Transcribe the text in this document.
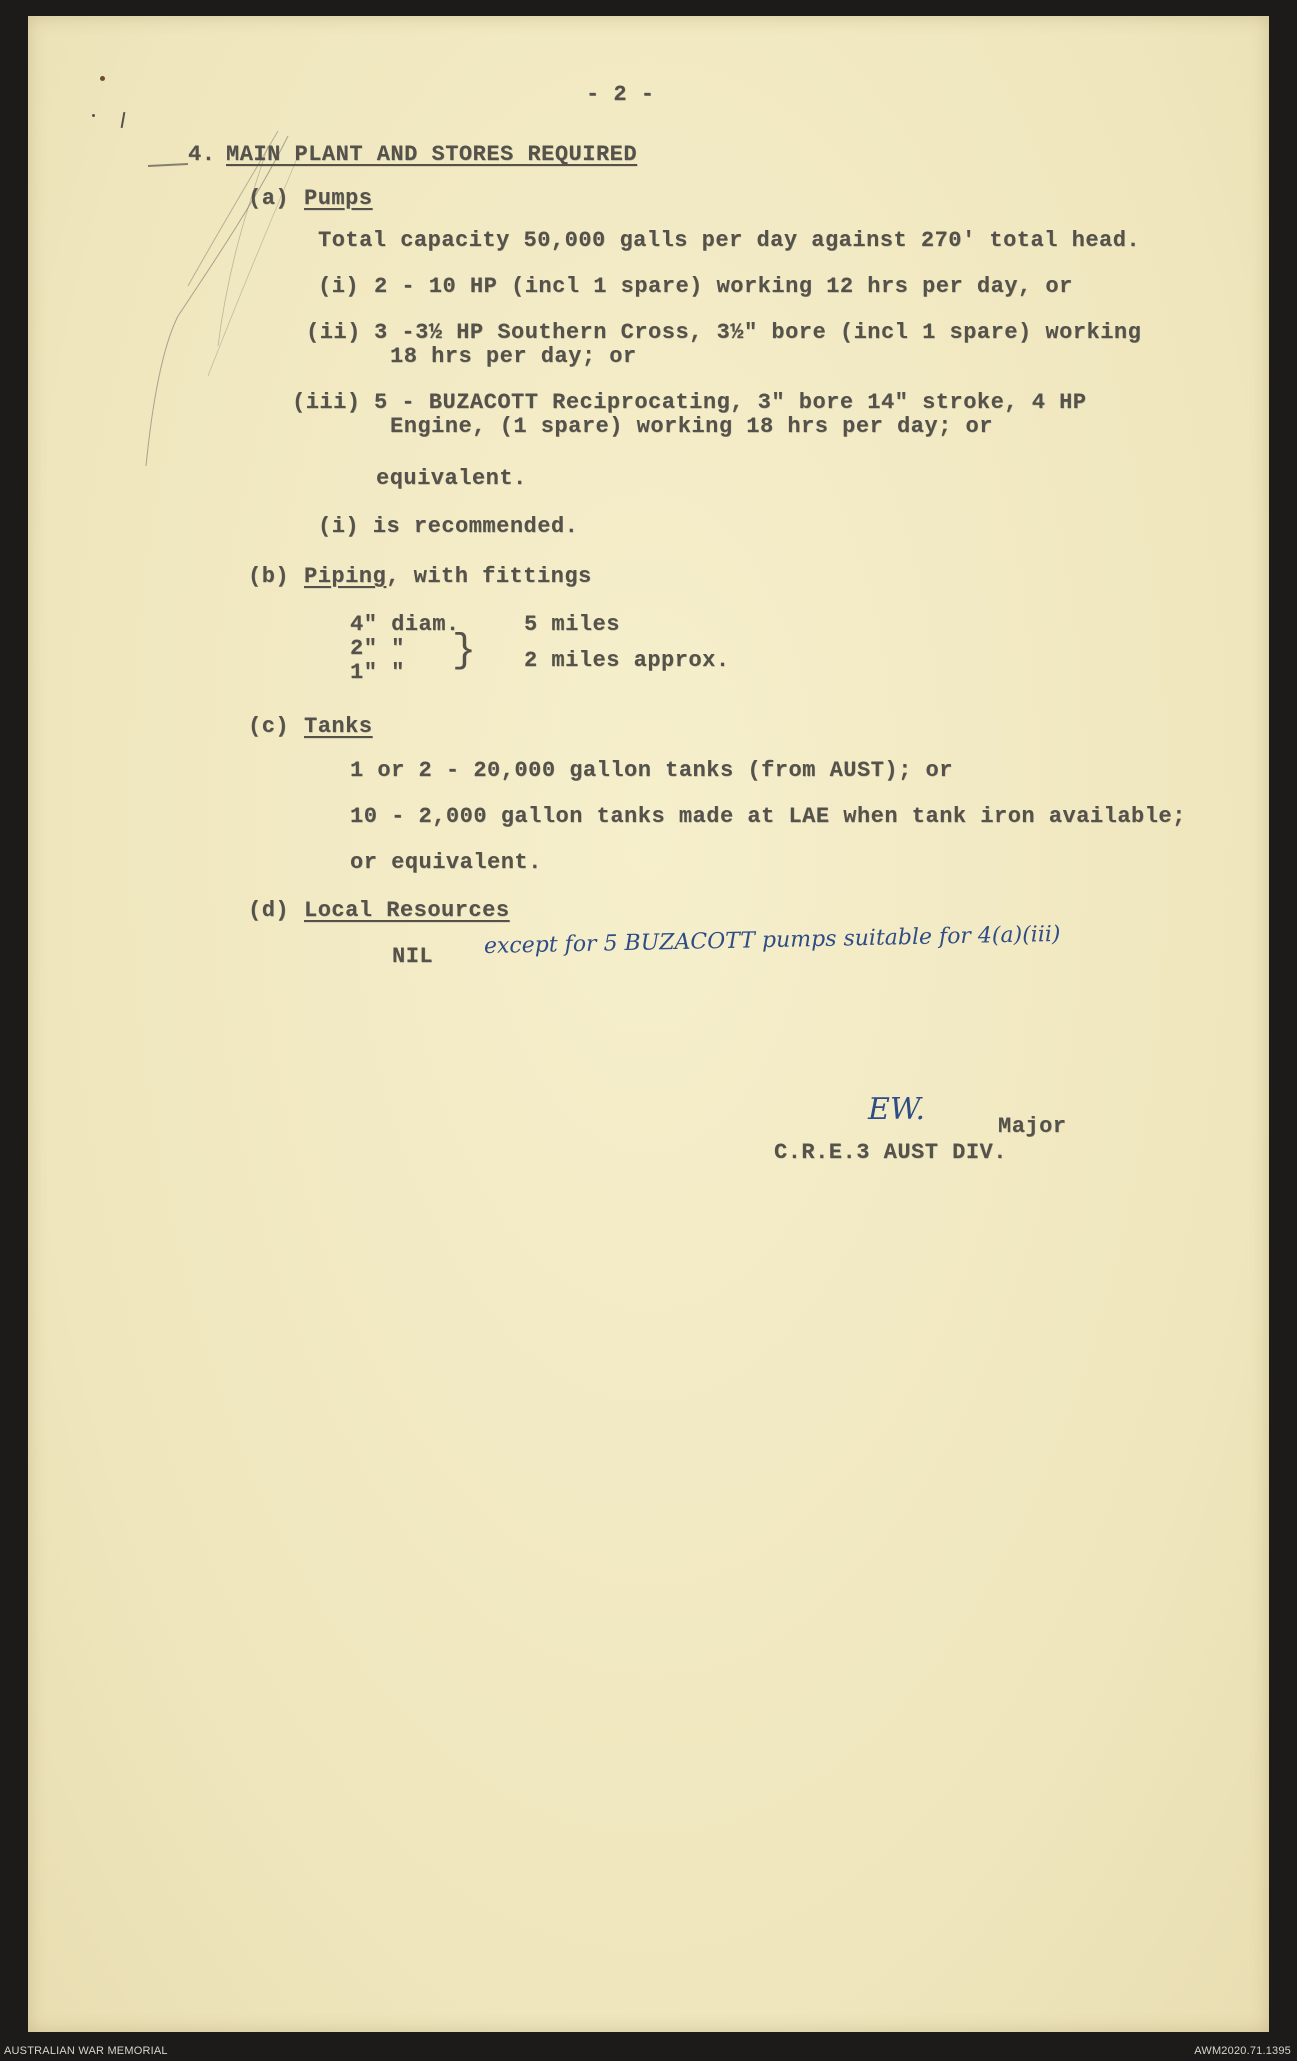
- 2 -
4. MAIN PLANT AND STORES REQUIRED
(a) Pumps
Total capacity 50,000 galls per day against 270' total head.
(i) 2 - 10 HP (incl 1 spare) working 12 hrs per day, or
(ii) 3 -3½ HP Southern Cross, 3½" bore (incl 1 spare) working
18 hrs per day; or
(iii) 5 - BUZACOTT Reciprocating, 3" bore 14" stroke, 4 HP
Engine, (1 spare) working 18 hrs per day; or
equivalent.
(i) is recommended.
(b) Piping, with fittings
4" diam.	5 miles
2" "
1" " } 2 miles approx.
(c) Tanks
1 or 2 - 20,000 gallon tanks (from AUST); or
10 - 2,000 gallon tanks made at LAE when tank iron available;
or equivalent.
(d) Local Resources
NIL except for 5 BUZACOTT pumps suitable for 4(a)(iii)
EW.	Major
C.R.E.3 AUST DIV.
AUSTRALIAN WAR MEMORIAL	AWM2020.71.1395
